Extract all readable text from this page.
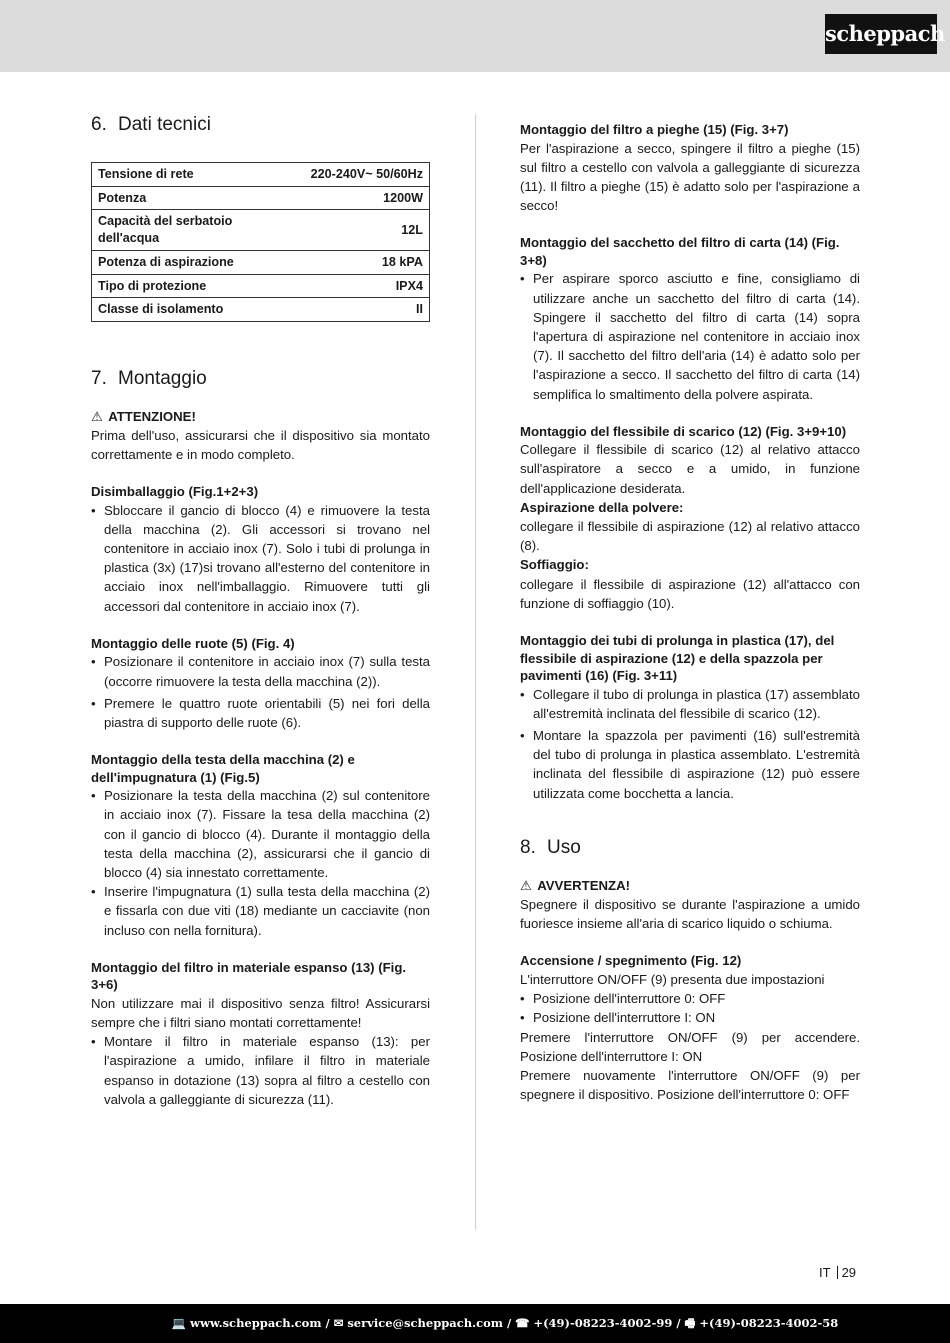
scheppach
6. Dati tecnici
Tensione di rete	220-240V~ 50/60Hz
Potenza	1200W
Capacità del serbatoio dell'acqua	12L
Potenza di aspirazione	18 kPA
Tipo di protezione	IPX4
Classe di isolamento	II
7. Montaggio
⚠ ATTENZIONE!

Prima dell'uso, assicurarsi che il dispositivo sia montato correttamente e in modo completo.

Disimballaggio (Fig.1+2+3)
• Sbloccare il gancio di blocco (4) e rimuovere la testa della macchina (2). Gli accessori si trovano nel contenitore in acciaio inox (7). Solo i tubi di prolunga in plastica (3x) (17)si trovano all'esterno del contenitore in acciaio inox nell'imballaggio. Rimuovere tutti gli accessori dal contenitore in acciaio inox (7).
Montaggio delle ruote (5) (Fig. 4)
• Posizionare il contenitore in acciaio inox (7) sulla testa (occorre rimuovere la testa della macchina (2)).
• Premere le quattro ruote orientabili (5) nei fori della piastra di supporto delle ruote (6).
Montaggio della testa della macchina (2) e dell'impugnatura (1) (Fig.5)
• Posizionare la testa della macchina (2) sul contenitore in acciaio inox (7). Fissare la tesa della macchina (2) con il gancio di blocco (4). Durante il montaggio della testa della macchina (2), assicurarsi che il gancio di blocco (4) sia innestato correttamente.
• Inserire l'impugnatura (1) sulla testa della macchina (2) e fissarla con due viti (18) mediante un cacciavite (non incluso con nella fornitura).
Montaggio del filtro in materiale espanso (13) (Fig. 3+6)

Non utilizzare mai il dispositivo senza filtro! Assicurarsi sempre che i filtri siano montati correttamente!

• Montare il filtro in materiale espanso (13): per l'aspirazione a umido, infilare il filtro in materiale espanso in dotazione (13) sopra al filtro a cestello con valvola a galleggiante di sicurezza (11).
Montaggio del filtro a pieghe (15) (Fig. 3+7)

Per l'aspirazione a secco, spingere il filtro a pieghe (15) sul filtro a cestello con valvola a galleggiante di sicurezza (11). Il filtro a pieghe (15) è adatto solo per l'aspirazione a secco!

Montaggio del sacchetto del filtro di carta (14) (Fig. 3+8)
• Per aspirare sporco asciutto e fine, consigliamo di utilizzare anche un sacchetto del filtro di carta (14). Spingere il sacchetto del filtro di carta (14) sopra l'apertura di aspirazione nel contenitore in acciaio inox (7). Il sacchetto del filtro dell'aria (14) è adatto solo per l'aspirazione a secco. Il sacchetto del filtro di carta (14) semplifica lo smaltimento della polvere aspirata.
Montaggio del flessibile di scarico (12) (Fig. 3+9+10)

Collegare il flessibile di scarico (12) al relativo attacco sull'aspiratore a secco e a umido, in funzione dell'applicazione desiderata.

Aspirazione della polvere:

collegare il flessibile di aspirazione (12) al relativo attacco (8).

Soffiaggio:

collegare il flessibile di aspirazione (12) all'attacco con funzione di soffiaggio (10).

Montaggio dei tubi di prolunga in plastica (17), del flessibile di aspirazione (12) e della spazzola per pavimenti (16) (Fig. 3+11)
• Collegare il tubo di prolunga in plastica (17) assemblato all'estremità inclinata del flessibile di scarico (12).
• Montare la spazzola per pavimenti (16) sull'estremità del tubo di prolunga in plastica assemblato. L'estremità inclinata del flessibile di aspirazione (12) può essere utilizzata come bocchetta a lancia.
8. Uso
⚠ AVVERTENZA!

Spegnere il dispositivo se durante l'aspirazione a umido fuoriesce insieme all'aria di scarico liquido o schiuma.

Accensione / spegnimento (Fig. 12)

L'interruttore ON/OFF (9) presenta due impostazioni

• Posizione dell'interruttore 0: OFF
• Posizione dell'interruttore I: ON

Premere l'interruttore ON/OFF (9) per accendere. Posizione dell'interruttore I: ON

Premere nuovamente l'interruttore ON/OFF (9) per spegnere il dispositivo. Posizione dell'interruttore 0: OFF

IT 29
💻 www.scheppach.com / ✉ service@scheppach.com / ☎ +(49)-08223-4002-99 / 🖷 +(49)-08223-4002-58
